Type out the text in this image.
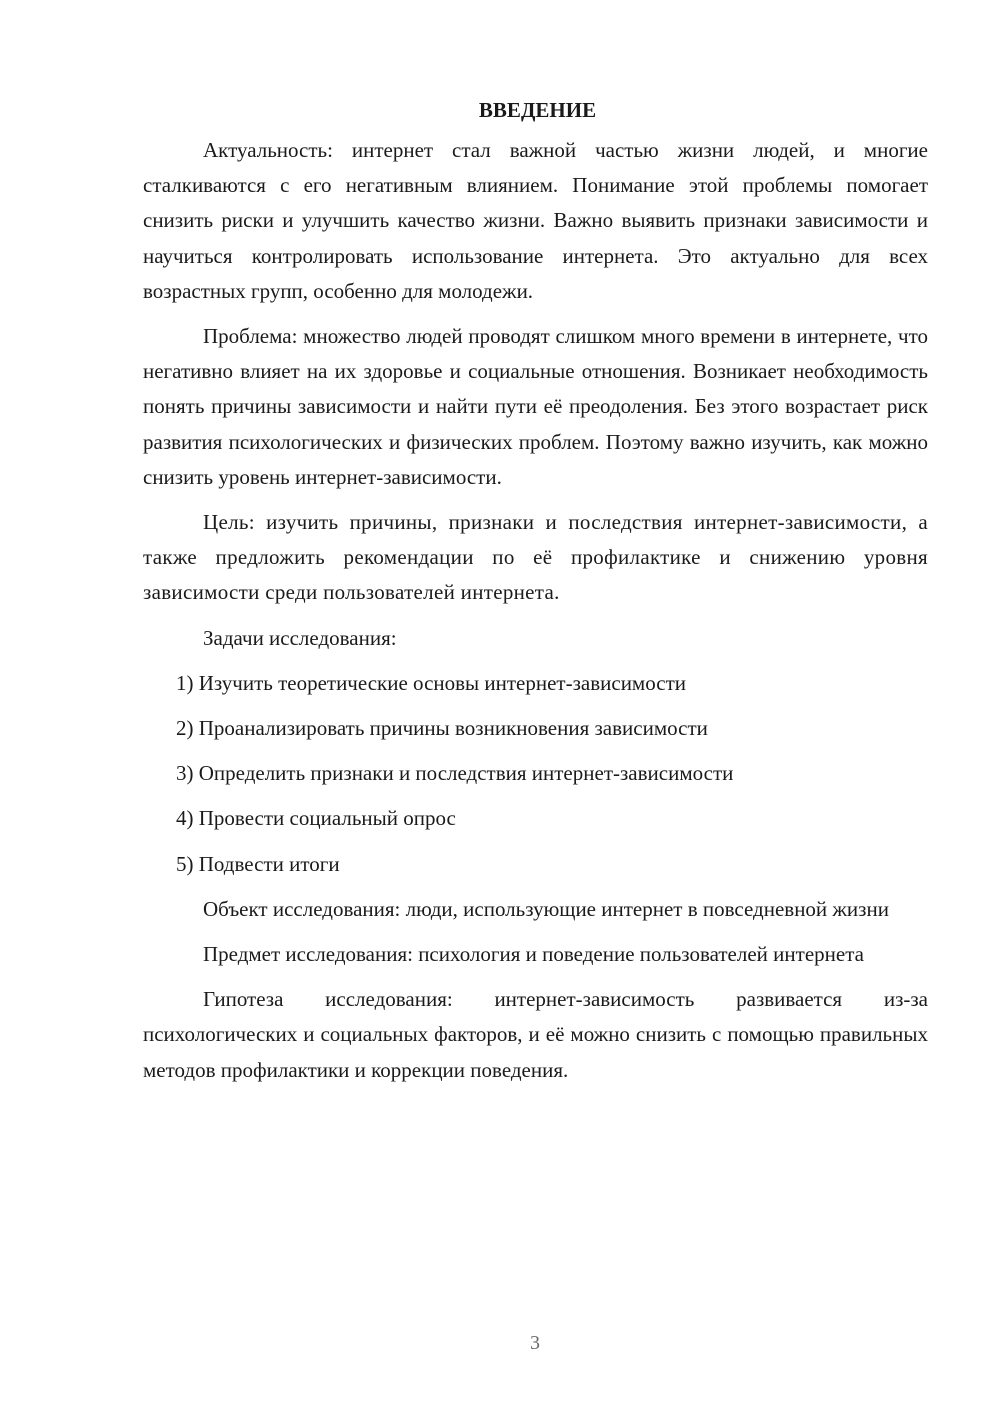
ВВЕДЕНИЕ

Актуальность: интернет стал важной частью жизни людей, и многие сталкиваются с его негативным влиянием. Понимание этой проблемы помогает снизить риски и улучшить качество жизни. Важно выявить признаки зависимости и научиться контролировать использование интернета. Это актуально для всех возрастных групп, особенно для молодежи.

Проблема: множество людей проводят слишком много времени в интернете, что негативно влияет на их здоровье и социальные отношения. Возникает необходимость понять причины зависимости и найти пути её преодоления. Без этого возрастает риск развития психологических и физических проблем. Поэтому важно изучить, как можно снизить уровень интернет-зависимости.

Цель: изучить причины, признаки и последствия интернет-зависимости, а также предложить рекомендации по её профилактике и снижению уровня зависимости среди пользователей интернета.

Задачи исследования:

1) Изучить теоретические основы интернет-зависимости
2) Проанализировать причины возникновения зависимости
3) Определить признаки и последствия интернет-зависимости
4) Провести социальный опрос
5) Подвести итоги

Объект исследования: люди, использующие интернет в повседневной жизни

Предмет исследования: психология и поведение пользователей интернета

Гипотеза исследования: интернет-зависимость развивается из-за психологических и социальных факторов, и её можно снизить с помощью правильных методов профилактики и коррекции поведения.

3
